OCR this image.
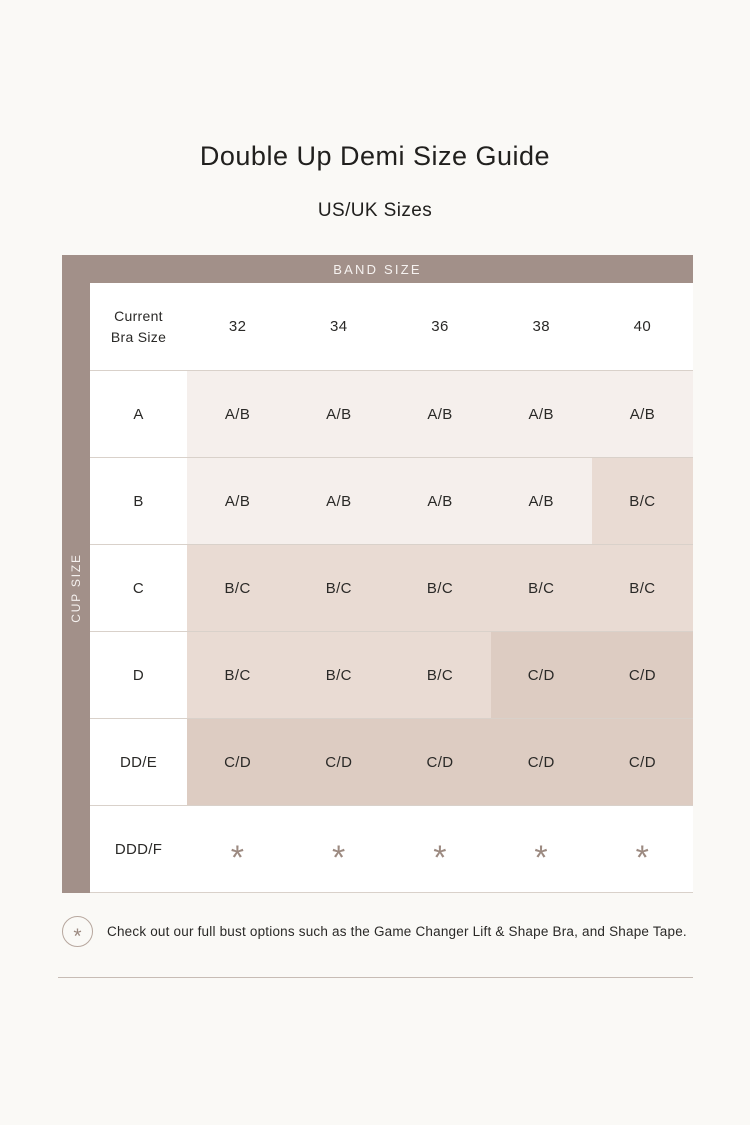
Double Up Demi Size Guide
US/UK Sizes
BAND SIZE
CUP SIZE
Current
Bra Size
32	34	36	38	40
A	A/B	A/B	A/B	A/B	A/B
B	A/B	A/B	A/B	A/B	B/C
C	B/C	B/C	B/C	B/C	B/C
D	B/C	B/C	B/C	C/D	C/D
DD/E	C/D	C/D	C/D	C/D	C/D
DDD/F	*	*	*	*	*
* Check out our full bust options such as the Game Changer Lift & Shape Bra, and Shape Tape.
